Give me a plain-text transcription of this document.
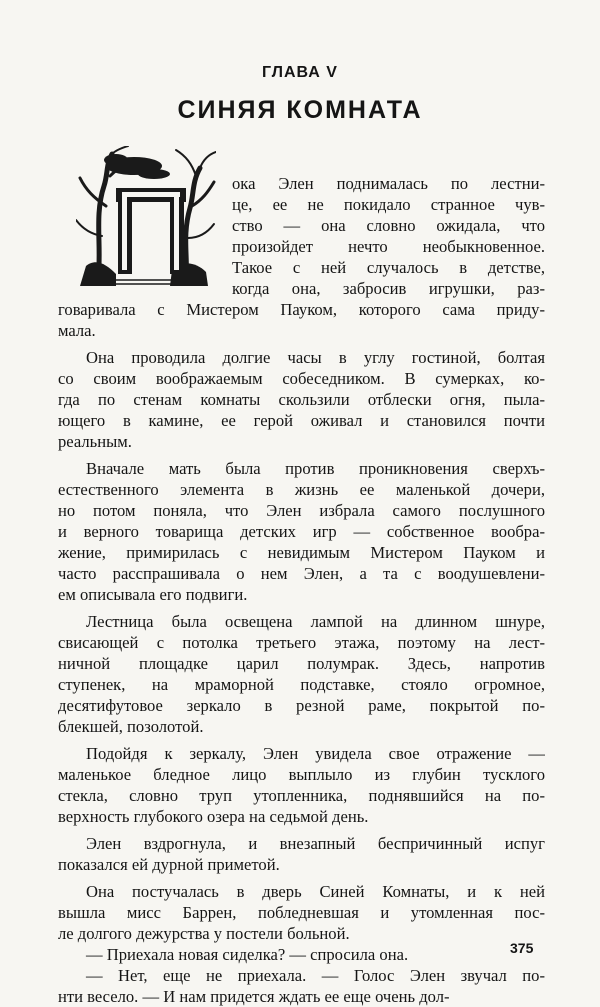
ГЛАВА V
СИНЯЯ КОМНАТА
ока Элен поднималась по лестни-
це, ее не покидало странное чув-
ство — она словно ожидала, что
произойдет нечто необыкновенное.
Такое с ней случалось в детстве,
когда она, забросив игрушки, раз-
говаривала с Мистером Пауком, которого сама приду-
мала.
Она проводила долгие часы в углу гостиной, болтая
со своим воображаемым собеседником. В сумерках, ко-
гда по стенам комнаты скользили отблески огня, пыла-
ющего в камине, ее герой оживал и становился почти
реальным.
Вначале мать была против проникновения сверхъ-
естественного элемента в жизнь ее маленькой дочери,
но потом поняла, что Элен избрала самого послушного
и верного товарища детских игр — собственное вообра-
жение, примирилась с невидимым Мистером Пауком и
часто расспрашивала о нем Элен, а та с воодушевлени-
ем описывала его подвиги.
Лестница была освещена лампой на длинном шнуре,
свисающей с потолка третьего этажа, поэтому на лест-
ничной площадке царил полумрак. Здесь, напротив
ступенек, на мраморной подставке, стояло огромное,
десятифутовое зеркало в резной раме, покрытой по-
блекшей, позолотой.
Подойдя к зеркалу, Элен увидела свое отражение —
маленькое бледное лицо выплыло из глубин тусклого
стекла, словно труп утопленника, поднявшийся на по-
верхность глубокого озера на седьмой день.
Элен вздрогнула, и внезапный беспричинный испуг
показался ей дурной приметой.
Она постучалась в дверь Синей Комнаты, и к ней
вышла мисс Баррен, побледневшая и утомленная пос-
ле долгого дежурства у постели больной.
— Приехала новая сиделка? — спросила она.
— Нет, еще не приехала. — Голос Элен звучал по-
нти весело. — И нам придется ждать ее еще очень дол-
375
